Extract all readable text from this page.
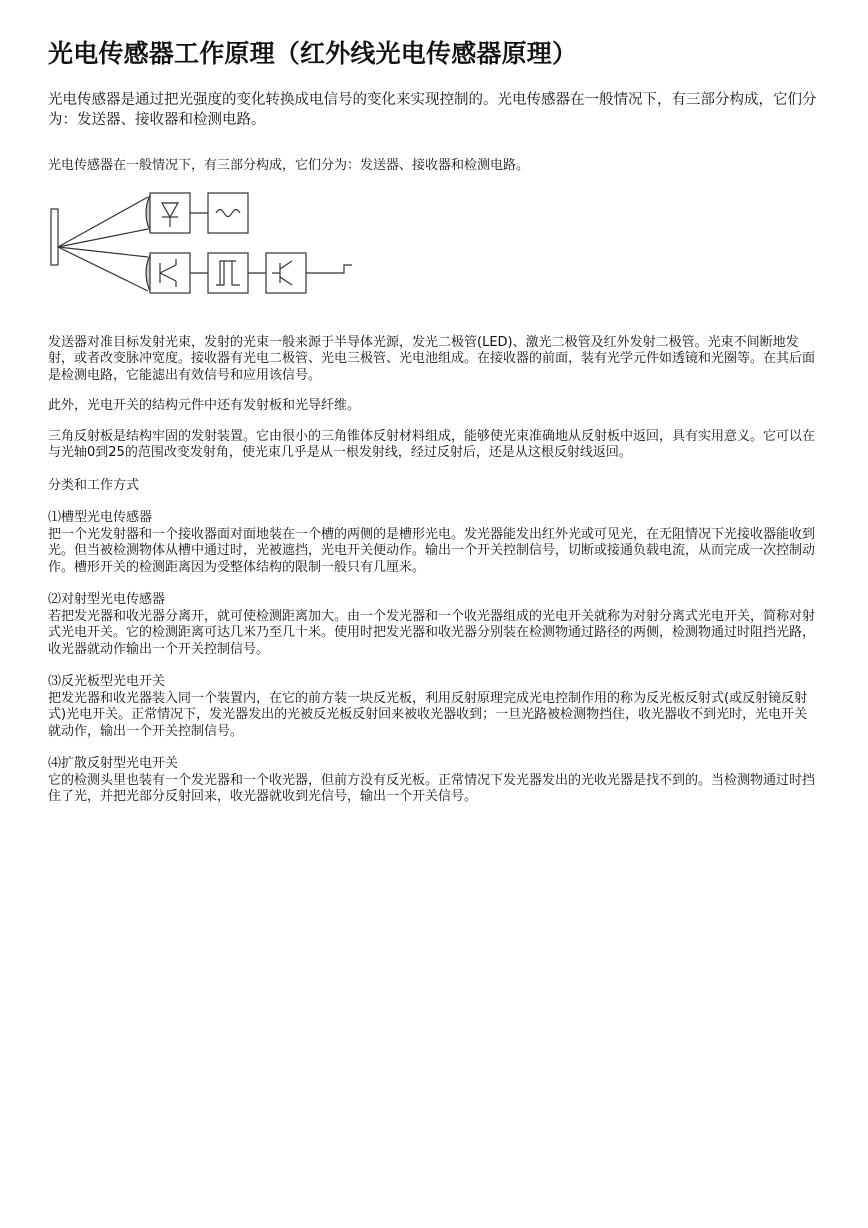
光电传感器工作原理（红外线光电传感器原理）

光电传感器是通过把光强度的变化转换成电信号的变化来实现控制的。光电传感器在一般情况下，有三部分构成，它们分为：发送器、接收器和检测电路。

光电传感器在一般情况下，有三部分构成，它们分为：发送器、接收器和检测电路。

发送器对准目标发射光束，发射的光束一般来源于半导体光源，发光二极管(LED)、激光二极管及红外发射二极管。光束不间断地发射，或者改变脉冲宽度。接收器有光电二极管、光电三极管、光电池组成。在接收器的前面，装有光学元件如透镜和光圈等。在其后面是检测电路，它能滤出有效信号和应用该信号。

此外，光电开关的结构元件中还有发射板和光导纤维。

三角反射板是结构牢固的发射装置。它由很小的三角锥体反射材料组成，能够使光束准确地从反射板中返回，具有实用意义。它可以在与光轴0到25的范围改变发射角，使光束几乎是从一根发射线，经过反射后，还是从这根反射线返回。

分类和工作方式

⑴槽型光电传感器

把一个光发射器和一个接收器面对面地装在一个槽的两侧的是槽形光电。发光器能发出红外光或可见光，在无阻情况下光接收器能收到光。但当被检测物体从槽中通过时，光被遮挡，光电开关便动作。输出一个开关控制信号，切断或接通负载电流，从而完成一次控制动作。槽形开关的检测距离因为受整体结构的限制一般只有几厘米。

⑵对射型光电传感器

若把发光器和收光器分离开，就可使检测距离加大。由一个发光器和一个收光器组成的光电开关就称为对射分离式光电开关，简称对射式光电开关。它的检测距离可达几米乃至几十米。使用时把发光器和收光器分别装在检测物通过路径的两侧，检测物通过时阻挡光路，收光器就动作输出一个开关控制信号。

⑶反光板型光电开关

把发光器和收光器装入同一个装置内，在它的前方装一块反光板，利用反射原理完成光电控制作用的称为反光板反射式(或反射镜反射式)光电开关。正常情况下，发光器发出的光被反光板反射回来被收光器收到；一旦光路被检测物挡住，收光器收不到光时，光电开关就动作，输出一个开关控制信号。

⑷扩散反射型光电开关

它的检测头里也装有一个发光器和一个收光器，但前方没有反光板。正常情况下发光器发出的光收光器是找不到的。当检测物通过时挡住了光，并把光部分反射回来，收光器就收到光信号，输出一个开关信号。
